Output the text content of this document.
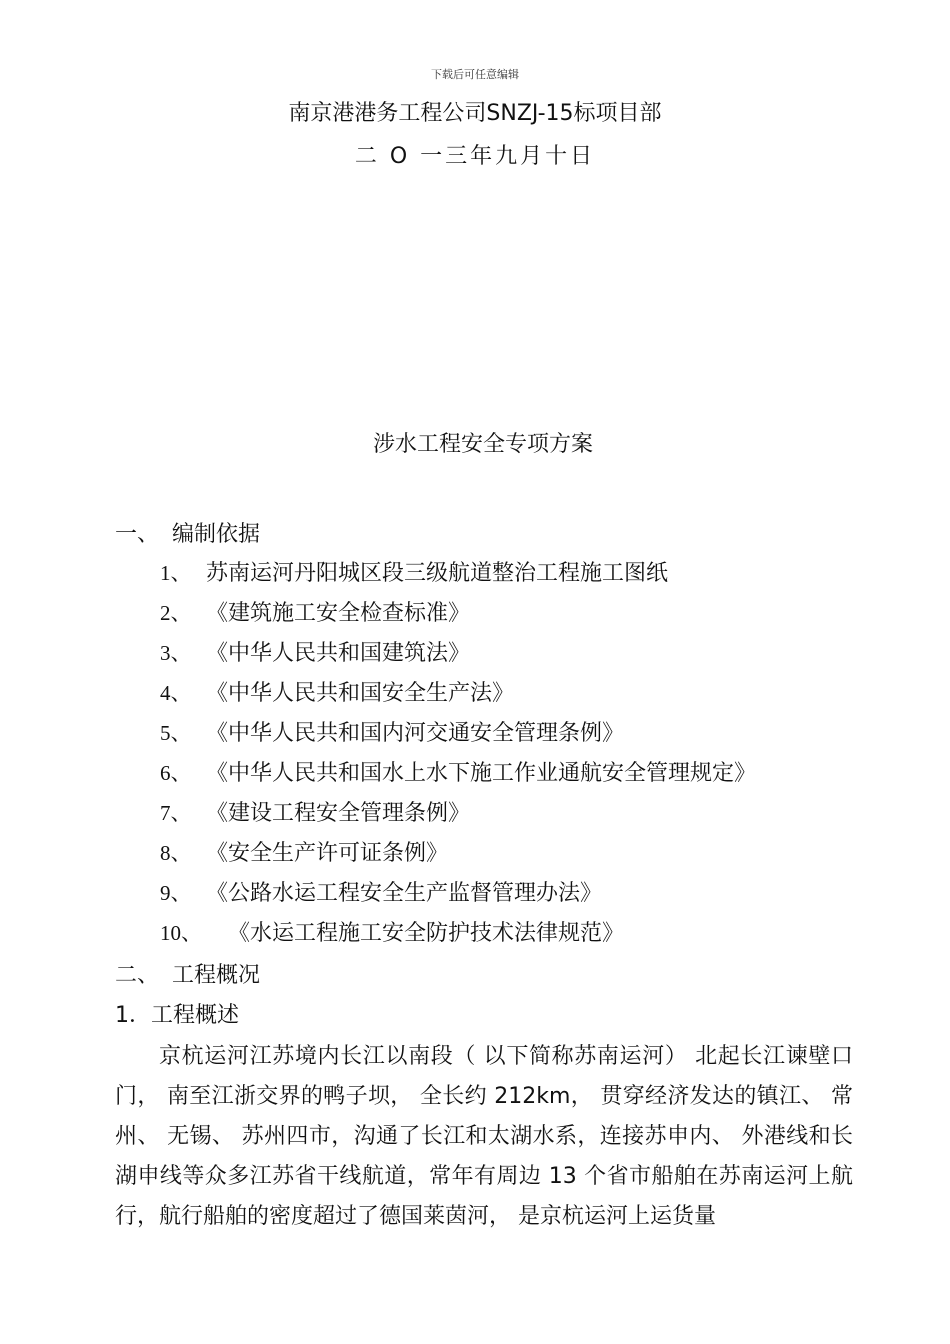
下载后可任意编辑
南京港港务工程公司SNZJ-15标项目部
二 O 一三年九月十日
涉水工程安全专项方案
一、 编制依据
1、 苏南运河丹阳城区段三级航道整治工程施工图纸
2、 《建筑施工安全检查标准》
3、 《中华人民共和国建筑法》
4、 《中华人民共和国安全生产法》
5、 《中华人民共和国内河交通安全管理条例》
6、 《中华人民共和国水上水下施工作业通航安全管理规定》
7、 《建设工程安全管理条例》
8、 《安全生产许可证条例》
9、 《公路水运工程安全生产监督管理办法》
10、 《水运工程施工安全防护技术法律规范》
二、 工程概况
1．工程概述

京杭运河江苏境内长江以南段（ 以下简称苏南运河） 北起长江谏壁口门， 南至江浙交界的鸭子坝， 全长约 212km， 贯穿经济发达的镇江、 常州、 无锡、 苏州四市，沟通了长江和太湖水系，连接苏申内、 外港线和长湖申线等众多江苏省干线航道，常年有周边 13 个省市船舶在苏南运河上航行，航行船舶的密度超过了德国莱茵河， 是京杭运河上运货量
